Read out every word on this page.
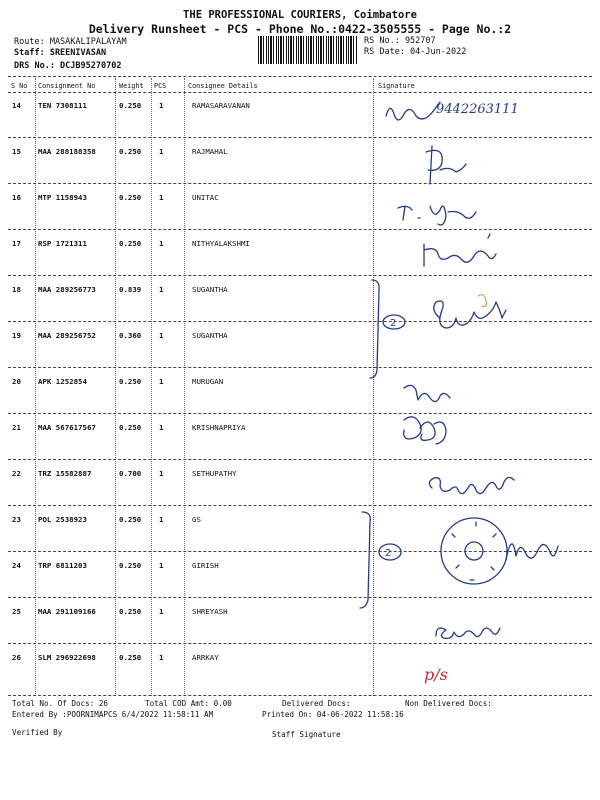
THE PROFESSIONAL COURIERS, Coimbatore
Delivery Runsheet - PCS - Phone No.:0422-3505555 - Page No.:2
Route: MASAKALIPALAYAM
Staff: SREENIVASAN
DRS No.: DCJB95270702
RS No.: 952707
RS Date: 04-Jun-2022
S No Consignment No	Weight PCS	Consignee Details	Signature
14 TEN 7308111	0.250 1	RAMASARAVANAN
15 MAA 288188358	0.250 1	RAJMAHAL
16 MTP 1158943	0.250 1	UNITAC
17 RSP 1721311	0.250 1	NITHYALAKSHMI
18 MAA 289256773	0.839 1	SUGANTHA
19 MAA 289256752	0.360 1	SUGANTHA
20 APK 1252854	0.250 1	MURUGAN
21 MAA 567617567	0.250 1	KRISHNAPRIYA
22 TRZ 15582887	0.700 1	SETHUPATHY
23 POL 2538923	0.250 1	GS
24 TRP 6811203	0.250 1	GIRISH
25 MAA 291109166	0.250 1	SHREYASH
26 SLM 296922698	0.250 1	ARRKAY
9442263111
2
2
p/s
Total No. Of Docs: 26	Total COD Amt: 0.00	Delivered Docs:	Non Delivered Docs:
Entered By :POORNIMAPCS 6/4/2022 11:58:11 AM	Printed On: 04-06-2022 11:58:16
Verified By	Staff Signature
